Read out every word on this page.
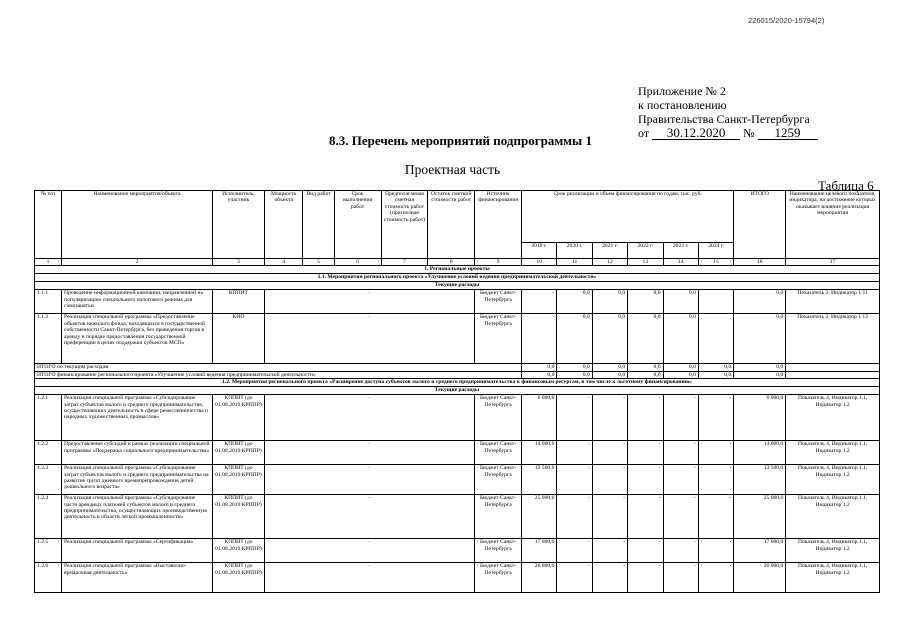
226015/2020-15794(2)
Приложение № 2
к постановлению
Правительства Санкт-Петербурга
от 30.12.2020 № 1259
8.3. Перечень мероприятий подпрограммы 1
Проектная часть
Таблица 6
№ п/п	Наименование мероприятия/объекта	Исполнитель, участник	Мощность объекта	Вид работ	Срок выполнения работ	Предполагаемая сметная стоимость работ (прогнозная стоимость работ)	Остаток сметной стоимости работ	Источник финансирования	Срок реализации и объем финансирования по годам, тыс. руб.						ИТОГО	Наименование целевого показателя, индикатора, на достижение которых оказывает влияние реализация мероприятия
									2019 г.	2020 г.	2021 г.	2022 г.	2023 г.	2024 г.		
1	2	3	4	5	6	7	8	9	10	11	12	13	14	15	16	17
1. Региональные проекты																
1.1. Мероприятия регионального проекта «Улучшение условий ведения предпринимательской деятельности»																
Текущие расходы																
1.1.1	Проведение информационной кампании, направленной на популяризацию специального налогового режима для самозанятых	КППИТ	-					Бюджет Санкт-Петербурга	-	0,0	0,0	0,0	0,0		0,0	Показатель 2, Индикатор 1.11
1.1.2	Реализация специальной программы «Предоставление объектов нежилого фонда, находящихся в государственной собственности Санкт-Петербурга, без проведения торгов в аренду в порядке предоставления государственной преференции в целях поддержки субъектов МСП»	КИО	-					Бюджет Санкт-Петербурга	-	0,0	0,0	0,0	0,0		0,0	Показатель 2, Индикатор 1.12
ИТОГО по текущим расходам									0,0	0,0	0,0	0,0	0,0	0,0	0,0	
ИТОГО финансирование регионального проекта «Улучшение условий ведения предпринимательской деятельности»									0,0	0,0	0,0	0,0	0,0	0,0	0,0	
1.2. Мероприятия регионального проекта «Расширение доступа субъектов малого и среднего предпринимательства к финансовым ресурсам, в том числе к льготному финансированию»																
Текущие расходы																
1.2.1	Реализация специальной программы «Субсидирование затрат субъектов малого и среднего предпринимательства, осуществляющих деятельность в сфере ремесленничества и народных художественных промыслов»	КППИТ (до 01.08.2019 КРППР)	-					Бюджет Санкт-Петербурга	6 000,0	-	-	-	-	-	6 000,0	Показатель 4, Индикатор 1.1, Индикатор 1.2
1.2.2	Предоставление субсидий в рамках реализации специальной программы «Поддержка социального предпринимательства»	КППИТ (до 01.08.2019 КРППР)	-					Бюджет Санкт-Петербурга	14 000,0	-	-	-	-	-	14 000,0	Показатель 4, Индикатор 1.1, Индикатор 1.2
1.2.3	Реализация специальной программы «Субсидирование затрат субъектов малого и среднего предпринимательства на развитие групп дневного времяпрепровождения детей дошкольного возраста»	КППИТ (до 01.08.2019 КРППР)	-					Бюджет Санкт-Петербурга	13 500,0	-	-	-	-	-	13 500,0	Показатель 4, Индикатор 1.1, Индикатор 1.2
1.2.4	Реализация специальной программы «Субсидирование части арендных платежей субъектов малого и среднего предпринимательства, осуществляющих производственную деятельность в области легкой промышленности»	КППИТ (до 01.08.2019 КРППР)	-					Бюджет Санкт-Петербурга	25 000,0	-	-	-	-	-	25 000,0	Показатель 4, Индикатор 1.1, Индикатор 1.2
1.2.5	Реализация специальной программы «Сертификация»	КППИТ (до 01.08.2019 КРППР)	-					Бюджет Санкт-Петербурга	17 000,0	-	-	-	-	-	17 000,0	Показатель 4, Индикатор 1.1, Индикатор 1.2
1.2.6	Реализация специальной программы «Выставочно-ярмарочная деятельность»	КППИТ (до 01.08.2019 КРППР)	-					Бюджет Санкт-Петербурга	26 000,0	-	-	-	-	-	26 000,0	Показатель 4, Индикатор 1.1, Индикатор 1.2
